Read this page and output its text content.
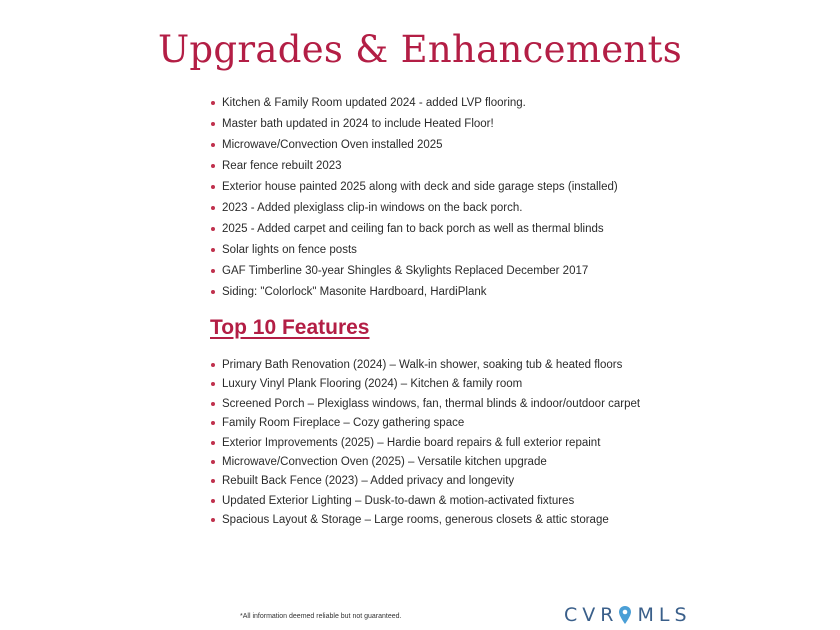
Upgrades & Enhancements
Kitchen & Family Room updated 2024 - added LVP flooring.
Master bath updated in 2024 to include Heated Floor!
Microwave/Convection Oven installed 2025
Rear fence rebuilt 2023
Exterior house painted 2025 along with deck and side garage steps (installed)
2023 - Added plexiglass clip-in windows on the back porch.
2025 - Added carpet and ceiling fan to back porch as well as thermal blinds
Solar lights on fence posts
GAF Timberline 30-year Shingles & Skylights Replaced December 2017
Siding: "Colorlock" Masonite Hardboard, HardiPlank
Top 10 Features
Primary Bath Renovation (2024) – Walk-in shower, soaking tub & heated floors
Luxury Vinyl Plank Flooring (2024) – Kitchen & family room
Screened Porch – Plexiglass windows, fan, thermal blinds & indoor/outdoor carpet
Family Room Fireplace – Cozy gathering space
Exterior Improvements (2025) – Hardie board repairs & full exterior repaint
Microwave/Convection Oven (2025) – Versatile kitchen upgrade
Rebuilt Back Fence (2023) – Added privacy and longevity
Updated Exterior Lighting – Dusk-to-dawn & motion-activated fixtures
Spacious Layout & Storage – Large rooms, generous closets & attic storage
*All information deemed reliable but not guaranteed.	CVR MLS
